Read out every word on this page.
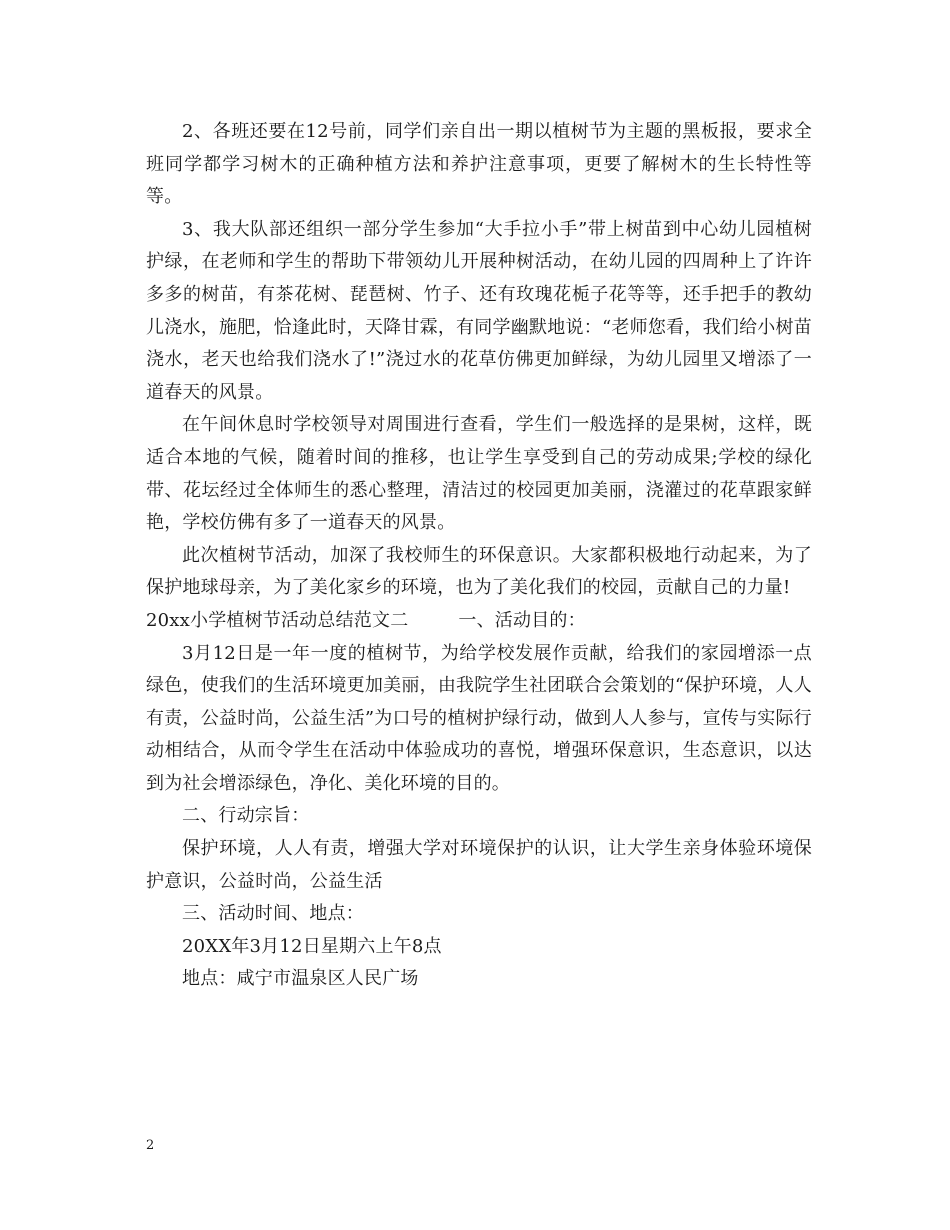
2、各班还要在12号前，同学们亲自出一期以植树节为主题的黑板报，要求全班同学都学习树木的正确种植方法和养护注意事项，更要了解树木的生长特性等等。

3、我大队部还组织一部分学生参加“大手拉小手”带上树苗到中心幼儿园植树护绿，在老师和学生的帮助下带领幼儿开展种树活动，在幼儿园的四周种上了许许多多的树苗，有茶花树、琵琶树、竹子、还有玫瑰花栀子花等等，还手把手的教幼儿浇水，施肥，恰逢此时，天降甘霖，有同学幽默地说：“老师您看，我们给小树苗浇水，老天也给我们浇水了!”浇过水的花草仿佛更加鲜绿，为幼儿园里又增添了一道春天的风景。

在午间休息时学校领导对周围进行查看，学生们一般选择的是果树，这样，既适合本地的气候，随着时间的推移，也让学生享受到自己的劳动成果;学校的绿化带、花坛经过全体师生的悉心整理，清洁过的校园更加美丽，浇灌过的花草跟家鲜艳，学校仿佛有多了一道春天的风景。

此次植树节活动，加深了我校师生的环保意识。大家都积极地行动起来，为了保护地球母亲，为了美化家乡的环境，也为了美化我们的校园，贡献自己的力量!

20xx小学植树节活动总结范文二	一、活动目的：

3月12日是一年一度的植树节，为给学校发展作贡献，给我们的家园增添一点绿色，使我们的生活环境更加美丽，由我院学生社团联合会策划的“保护环境，人人有责，公益时尚，公益生活”为口号的植树护绿行动，做到人人参与，宣传与实际行动相结合，从而令学生在活动中体验成功的喜悦，增强环保意识，生态意识，以达到为社会增添绿色，净化、美化环境的目的。

二、行动宗旨：

保护环境，人人有责，增强大学对环境保护的认识，让大学生亲身体验环境保护意识，公益时尚，公益生活

三、活动时间、地点：

20XX年3月12日星期六上午8点

地点：咸宁市温泉区人民广场

2
